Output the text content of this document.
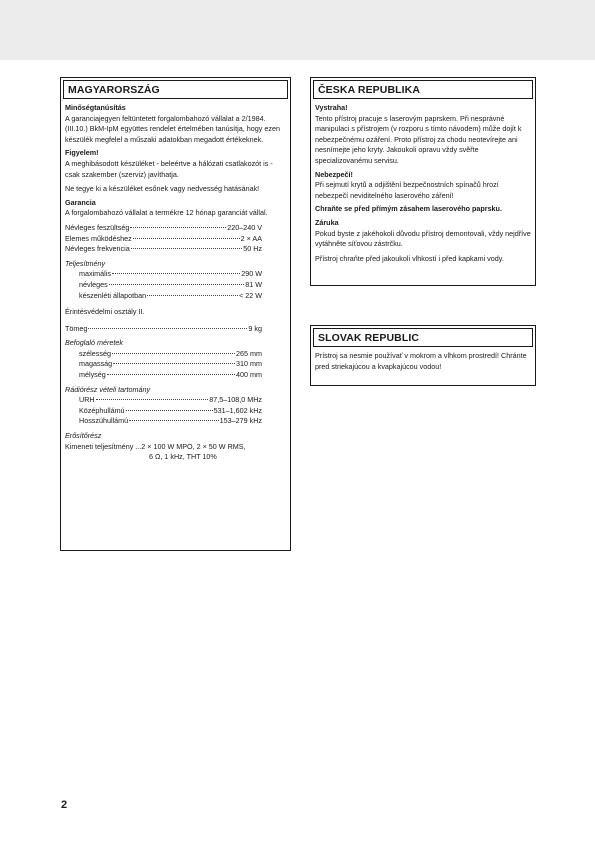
MAGYARORSZÁG

Minőségtanúsítás

A garanciajegyen feltüntetett forgalombahozó vállalat a 2/1984. (III.10.) BkM-IpM együttes rendelet értelmében tanúsítja, hogy ezen készülék megfelel a műszaki adatokban megadott értékeknek.

Figyelem!

A meghibásodott készüléket - beleértve a hálózati csatlakozót is - csak szakember (szerviz) javíthatja.

Ne tegye ki a készüléket esőnek vagy nedvesség hatásának!

Garancia

A forgalombahozó vállalat a termékre 12 hónap garanciát vállal.

Névleges feszültség	220–240 V
Elemes működéshez	2 × AA
Névleges frekvencia	50 Hz

Teljesítmény

maximális	290 W
névleges	81 W
készenléti állapotban	< 22 W

Érintésvédelmi osztály II.

Tömeg	9 kg

Befoglaló méretek

szélesség	265 mm
magasság	310 mm
mélység	400 mm

Rádiórész vételi tartomány

URH	87,5–108,0 MHz
Középhullámú	531–1,602 kHz
Hosszúhullámú	153–279 kHz

Erősítőrész

Kimeneti teljesítmény ...2 × 100 W MPO, 2 × 50 W RMS,

6 Ω, 1 kHz, THT 10%

ČESKA REPUBLIKA

Vystraha!

Tento přístroj pracuje s laserovým paprskem. Při nesprávné manipulaci s přístrojem (v rozporu s tímto návodem) může dojít k nebezpečnému ozáření. Proto přístroj za chodu neotevírejte ani nesnímejte jeho kryty. Jakoukoli opravu vždy svěřte specializovanému servisu.

Nebezpečí!

Při sejmutí krytů a odjištění bezpečnostních spínačů hrozí nebezpečí neviditelného laserového záření!

Chraňte se před přímým zásahem laserového paprsku.

Záruka

Pokud byste z jakéhokoli důvodu přístroj demontovali, vždy nejdříve vytáhněte síťovou zástrčku.

Přístroj chraňte před jakoukoli vlhkostí i před kapkami vody.

SLOVAK REPUBLIC

Prístroj sa nesmie používať v mokrom a vlhkom prostredí! Chránte pred striekajúcou a kvapkajúcou vodou!

2
